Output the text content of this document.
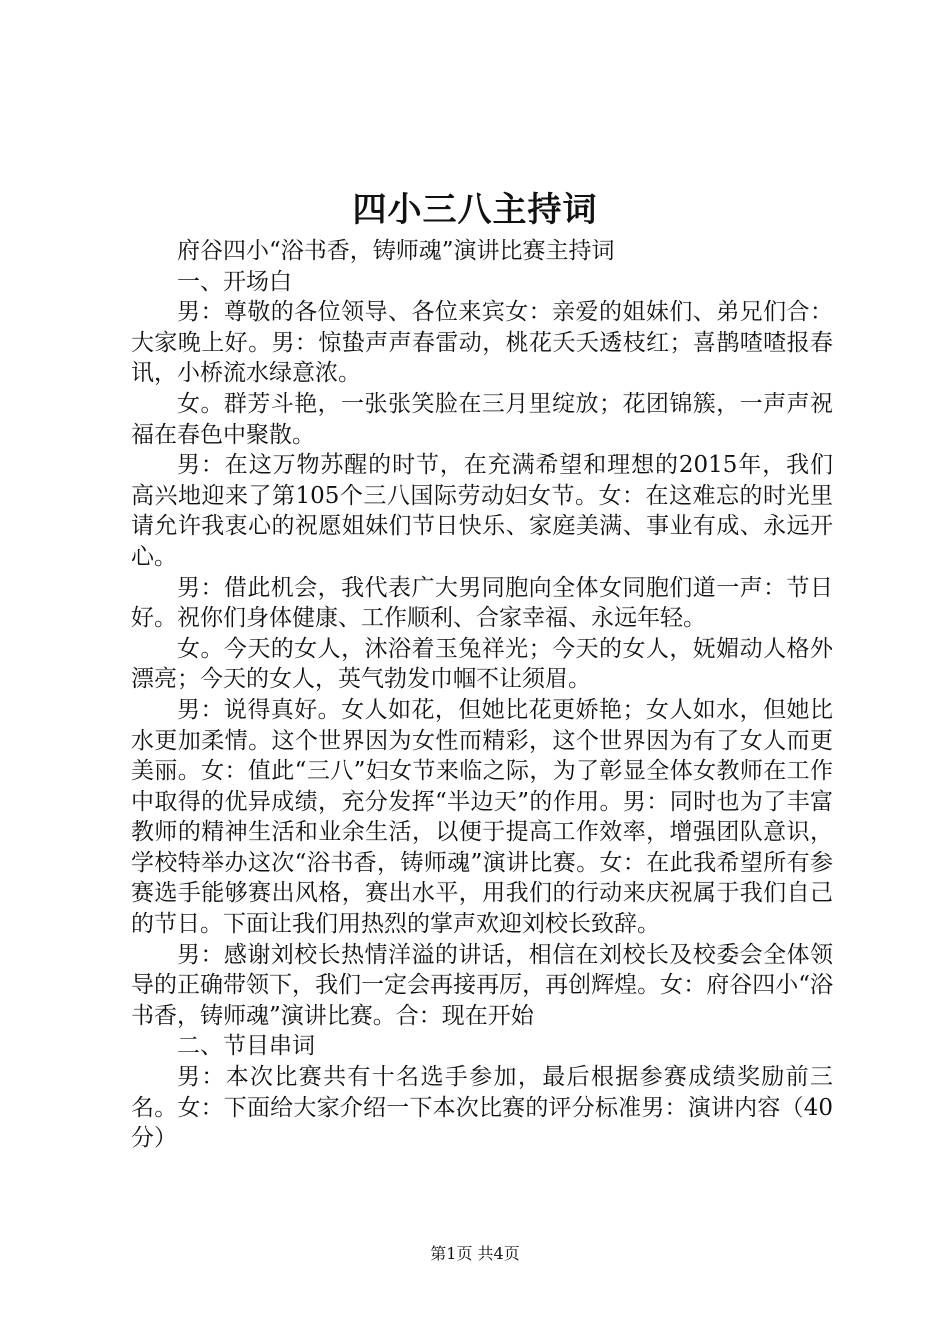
四小三八主持词

府谷四小“浴书香，铸师魂”演讲比赛主持词

一、开场白

男：尊敬的各位领导、各位来宾女：亲爱的姐妹们、弟兄们合：大家晚上好。男：惊蛰声声春雷动，桃花夭夭透枝红；喜鹊喳喳报春讯，小桥流水绿意浓。

女。群芳斗艳，一张张笑脸在三月里绽放；花团锦簇，一声声祝福在春色中聚散。

男：在这万物苏醒的时节，在充满希望和理想的2015年，我们高兴地迎来了第105个三八国际劳动妇女节。女：在这难忘的时光里请允许我衷心的祝愿姐妹们节日快乐、家庭美满、事业有成、永远开心。

男：借此机会，我代表广大男同胞向全体女同胞们道一声：节日好。祝你们身体健康、工作顺利、合家幸福、永远年轻。

女。今天的女人，沐浴着玉兔祥光；今天的女人，妩媚动人格外漂亮；今天的女人，英气勃发巾帼不让须眉。

男：说得真好。女人如花，但她比花更娇艳；女人如水，但她比水更加柔情。这个世界因为女性而精彩，这个世界因为有了女人而更美丽。女：值此“三八”妇女节来临之际，为了彰显全体女教师在工作中取得的优异成绩，充分发挥“半边天”的作用。男：同时也为了丰富教师的精神生活和业余生活，以便于提高工作效率，增强团队意识，学校特举办这次“浴书香，铸师魂”演讲比赛。女：在此我希望所有参赛选手能够赛出风格，赛出水平，用我们的行动来庆祝属于我们自己的节日。下面让我们用热烈的掌声欢迎刘校长致辞。

男：感谢刘校长热情洋溢的讲话，相信在刘校长及校委会全体领导的正确带领下，我们一定会再接再厉，再创辉煌。女：府谷四小“浴书香，铸师魂”演讲比赛。合：现在开始

二、节目串词

男：本次比赛共有十名选手参加，最后根据参赛成绩奖励前三名。女：下面给大家介绍一下本次比赛的评分标准男：演讲内容（40分）

第1页 共4页
